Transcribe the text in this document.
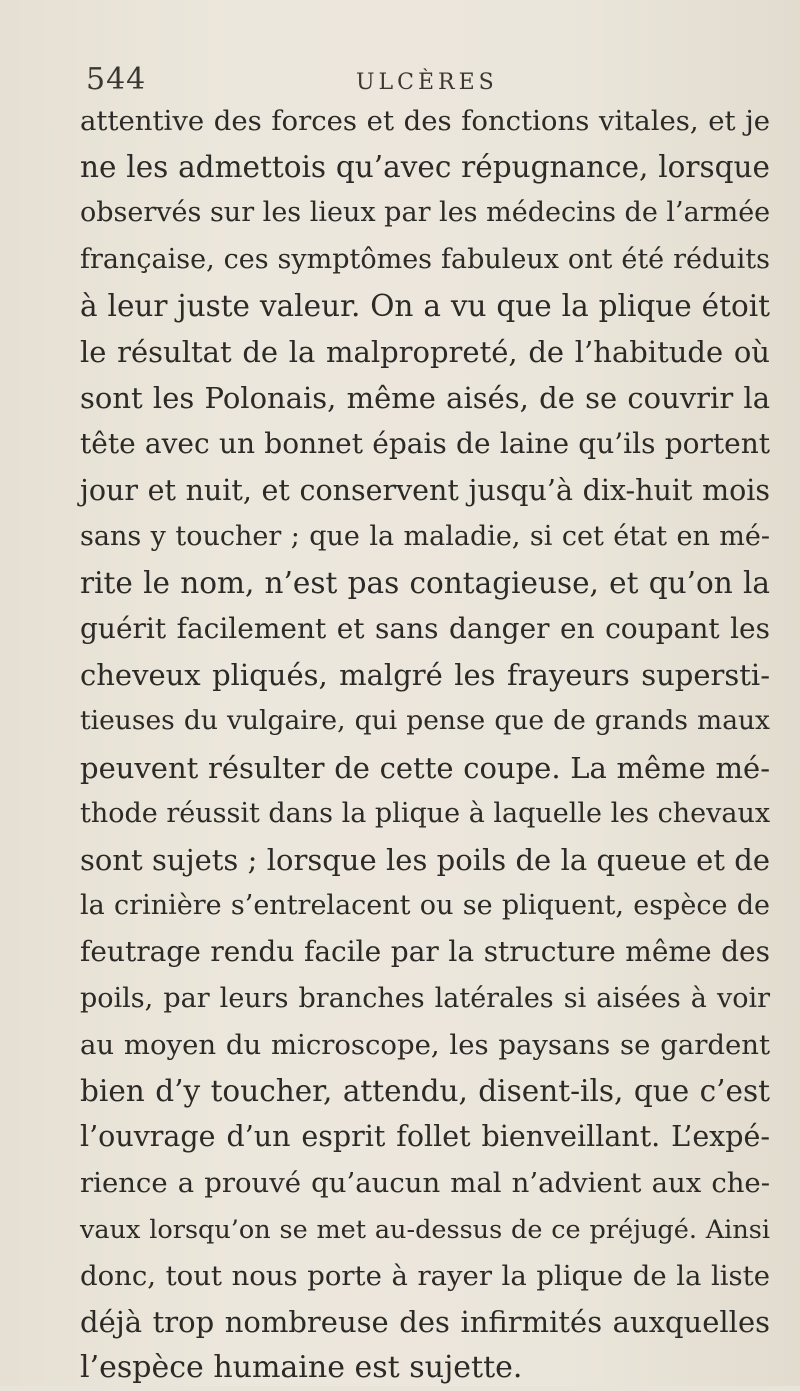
544	ULCÈRES
attentive des forces et des fonctions vitales, et je
ne les admettois qu’avec répugnance, lorsque
observés sur les lieux par les médecins de l’armée
française, ces symptômes fabuleux ont été réduits
à leur juste valeur. On a vu que la plique étoit
le résultat de la malpropreté, de l’habitude où
sont les Polonais, même aisés, de se couvrir la
tête avec un bonnet épais de laine qu’ils portent
jour et nuit, et conservent jusqu’à dix-huit mois
sans y toucher ; que la maladie, si cet état en mé-
rite le nom, n’est pas contagieuse, et qu’on la
guérit facilement et sans danger en coupant les
cheveux pliqués, malgré les frayeurs supersti-
tieuses du vulgaire, qui pense que de grands maux
peuvent résulter de cette coupe. La même mé-
thode réussit dans la plique à laquelle les chevaux
sont sujets ; lorsque les poils de la queue et de
la crinière s’entrelacent ou se pliquent, espèce de
feutrage rendu facile par la structure même des
poils, par leurs branches latérales si aisées à voir
au moyen du microscope, les paysans se gardent
bien d’y toucher, attendu, disent-ils, que c’est
l’ouvrage d’un esprit follet bienveillant. L’expé-
rience a prouvé qu’aucun mal n’advient aux che-
vaux lorsqu’on se met au-dessus de ce préjugé. Ainsi
donc, tout nous porte à rayer la plique de la liste
déjà trop nombreuse des infirmités auxquelles
l’espèce humaine est sujette.
